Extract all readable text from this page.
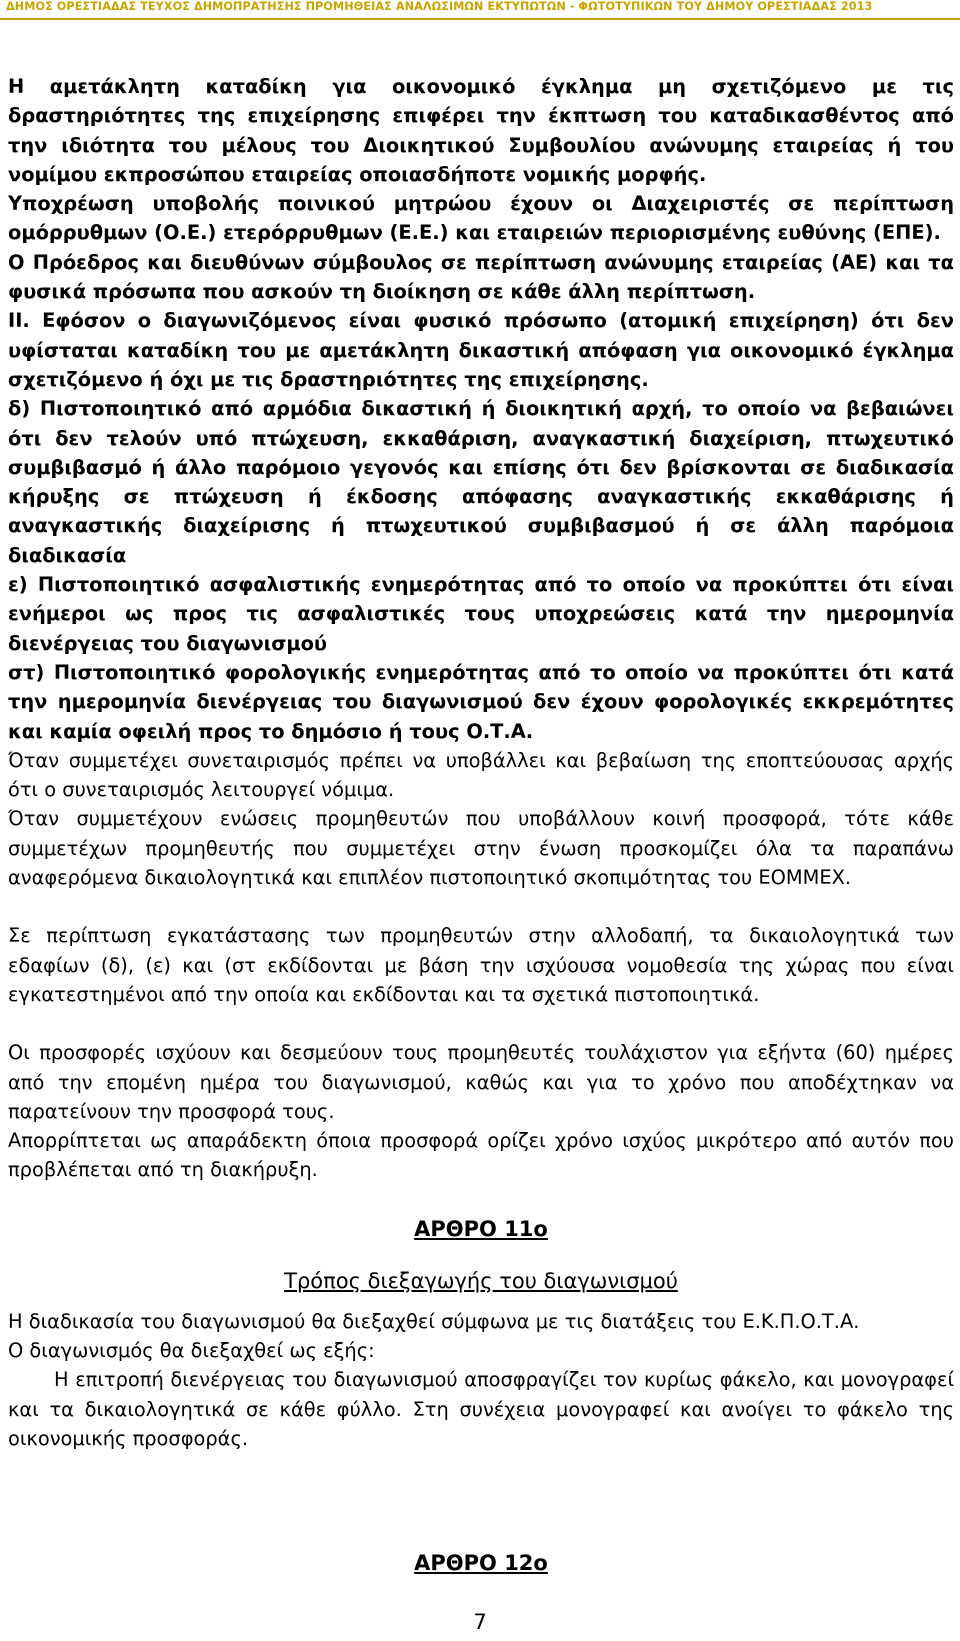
ΔΗΜΟΣ ΟΡΕΣΤΙΑΔΑΣ ΤΕΥΧΟΣ ΔΗΜΟΠΡΑΤΗΣΗΣ ΠΡΟΜΗΘΕΙΑΣ ΑΝΑΛΩΣΙΜΩΝ ΕΚΤΥΠΩΤΩΝ - ΦΩΤΟΤΥΠΙΚΩΝ ΤΟΥ ΔΗΜΟΥ ΟΡΕΣΤΙΑΔΑΣ 2013

Η αμετάκλητη καταδίκη για οικονομικό έγκλημα μη σχετιζόμενο με τις δραστηριότητες της επιχείρησης επιφέρει την έκπτωση του καταδικασθέντος από την ιδιότητα του μέλους του Διοικητικού Συμβουλίου ανώνυμης εταιρείας ή του νομίμου εκπροσώπου εταιρείας οποιασδήποτε νομικής μορφής.

Υποχρέωση υποβολής ποινικού μητρώου έχουν οι Διαχειριστές σε περίπτωση ομόρρυθμων (Ο.Ε.) ετερόρρυθμων (Ε.Ε.) και εταιρειών περιορισμένης ευθύνης (ΕΠΕ).

Ο Πρόεδρος και διευθύνων σύμβουλος σε περίπτωση ανώνυμης εταιρείας (ΑΕ) και τα φυσικά πρόσωπα που ασκούν τη διοίκηση σε κάθε άλλη περίπτωση.

ΙΙ. Εφόσον ο διαγωνιζόμενος είναι φυσικό πρόσωπο (ατομική επιχείρηση) ότι δεν υφίσταται καταδίκη του με αμετάκλητη δικαστική απόφαση για οικονομικό έγκλημα σχετιζόμενο ή όχι με τις δραστηριότητες της επιχείρησης.

δ) Πιστοποιητικό από αρμόδια δικαστική ή διοικητική αρχή, το οποίο να βεβαιώνει ότι δεν τελούν υπό πτώχευση, εκκαθάριση, αναγκαστική διαχείριση, πτωχευτικό συμβιβασμό ή άλλο παρόμοιο γεγονός και επίσης ότι δεν βρίσκονται σε διαδικασία κήρυξης σε πτώχευση ή έκδοσης απόφασης αναγκαστικής εκκαθάρισης ή αναγκαστικής διαχείρισης ή πτωχευτικού συμβιβασμού ή σε άλλη παρόμοια διαδικασία

ε) Πιστοποιητικό ασφαλιστικής ενημερότητας από το οποίο να προκύπτει ότι είναι ενήμεροι ως προς τις ασφαλιστικές τους υποχρεώσεις κατά την ημερομηνία διενέργειας του διαγωνισμού

στ) Πιστοποιητικό φορολογικής ενημερότητας από το οποίο να προκύπτει ότι κατά την ημερομηνία διενέργειας του διαγωνισμού δεν έχουν φορολογικές εκκρεμότητες και καμία οφειλή προς το δημόσιο ή τους Ο.Τ.Α.

Όταν συμμετέχει συνεταιρισμός πρέπει να υποβάλλει και βεβαίωση της εποπτεύουσας αρχής ότι ο συνεταιρισμός λειτουργεί νόμιμα.

Όταν συμμετέχουν ενώσεις προμηθευτών που υποβάλλουν κοινή προσφορά, τότε κάθε συμμετέχων προμηθευτής που συμμετέχει στην ένωση προσκομίζει όλα τα παραπάνω αναφερόμενα δικαιολογητικά και επιπλέον πιστοποιητικό σκοπιμότητας του ΕΟΜΜΕΧ.

Σε περίπτωση εγκατάστασης των προμηθευτών στην αλλοδαπή, τα δικαιολογητικά των εδαφίων (δ), (ε) και (στ εκδίδονται με βάση την ισχύουσα νομοθεσία της χώρας που είναι εγκατεστημένοι από την οποία και εκδίδονται και τα σχετικά πιστοποιητικά.

Οι προσφορές ισχύουν και δεσμεύουν τους προμηθευτές τουλάχιστον για εξήντα (60) ημέρες από την επομένη ημέρα του διαγωνισμού, καθώς και για το χρόνο που αποδέχτηκαν να παρατείνουν την προσφορά τους.

Απορρίπτεται ως απαράδεκτη όποια προσφορά ορίζει χρόνο ισχύος μικρότερο από αυτόν που προβλέπεται από τη διακήρυξη.

ΑΡΘΡΟ 11ο
Τρόπος διεξαγωγής του διαγωνισμού

Η διαδικασία του διαγωνισμού θα διεξαχθεί σύμφωνα με τις διατάξεις του Ε.Κ.Π.Ο.Τ.Α.

Ο διαγωνισμός θα διεξαχθεί ως εξής:

Η επιτροπή διενέργειας του διαγωνισμού αποσφραγίζει τον κυρίως φάκελο, και μονογραφεί και τα δικαιολογητικά σε κάθε φύλλο. Στη συνέχεια μονογραφεί και ανοίγει το φάκελο της οικονομικής προσφοράς.

ΑΡΘΡΟ 12ο
7
